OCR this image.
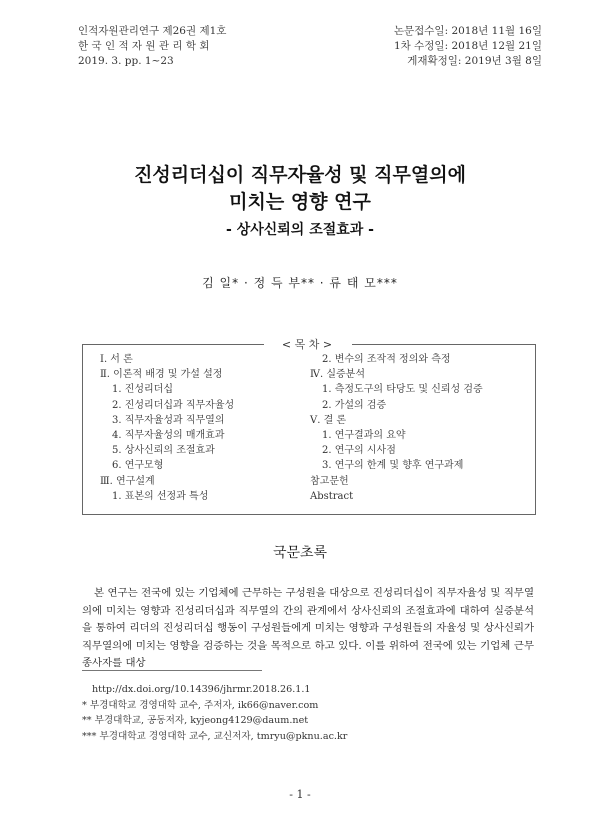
인적자원관리연구 제26권 제1호
한 국 인 적 자 원 관 리 학 회
2019. 3. pp. 1~23
논문접수일: 2018년 11월 16일
1차 수정일: 2018년 12월 21일
게재확정일: 2019년 3월 8일
진성리더십이 직무자율성 및 직무열의에
미치는 영향 연구
- 상사신뢰의 조절효과 -
김 일* · 정 득 부** · 류 태 모***
< 목 차 >
Ⅰ. 서 론
Ⅱ. 이론적 배경 및 가설 설정
1. 진성리더십
2. 진성리더십과 직무자율성
3. 직무자율성과 직무열의
4. 직무자율성의 매개효과
5. 상사신뢰의 조절효과
6. 연구모형
Ⅲ. 연구설계
1. 표본의 선정과 특성
2. 변수의 조작적 정의와 측정
Ⅳ. 실증분석
1. 측정도구의 타당도 및 신뢰성 검증
2. 가설의 검증
Ⅴ. 결 론
1. 연구결과의 요약
2. 연구의 시사점
3. 연구의 한계 및 향후 연구과제
참고문헌
Abstract
국문초록
본 연구는 전국에 있는 기업체에 근무하는 구성원을 대상으로 진성리더십이 직무자율성 및 직무열의에 미치는 영향과 진성리더십과 직무열의 간의 관계에서 상사신뢰의 조절효과에 대하여 실증분석을 통하여 리더의 진성리더십 행동이 구성원들에게 미치는 영향과 구성원들의 자율성 및 상사신뢰가 직무열의에 미치는 영향을 검증하는 것을 목적으로 하고 있다. 이를 위하여 전국에 있는 기업체 근무 종사자를 대상
http://dx.doi.org/10.14396/jhrmr.2018.26.1.1
* 부경대학교 경영대학 교수, 주저자, ik66@naver.com
** 부경대학교, 공동저자, kyjeong4129@daum.net
*** 부경대학교 경영대학 교수, 교신저자, tmryu@pknu.ac.kr
- 1 -
